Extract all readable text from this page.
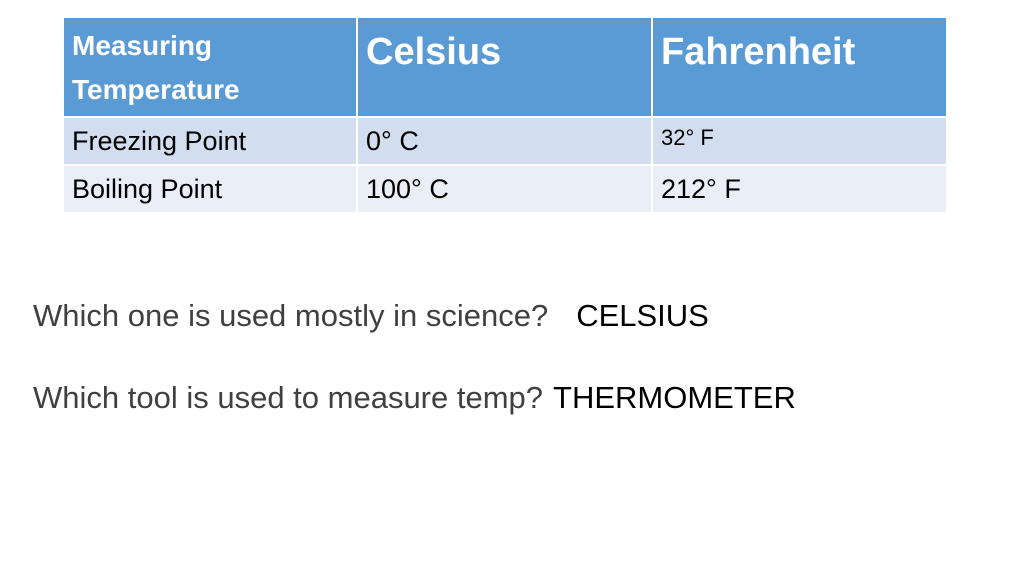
Measuring Temperature	Celsius	Fahrenheit
Freezing Point	0° C	32° F
Boiling Point	100° C	212° F
Which one is used mostly in science? CELSIUS
Which tool is used to measure temp? THERMOMETER
